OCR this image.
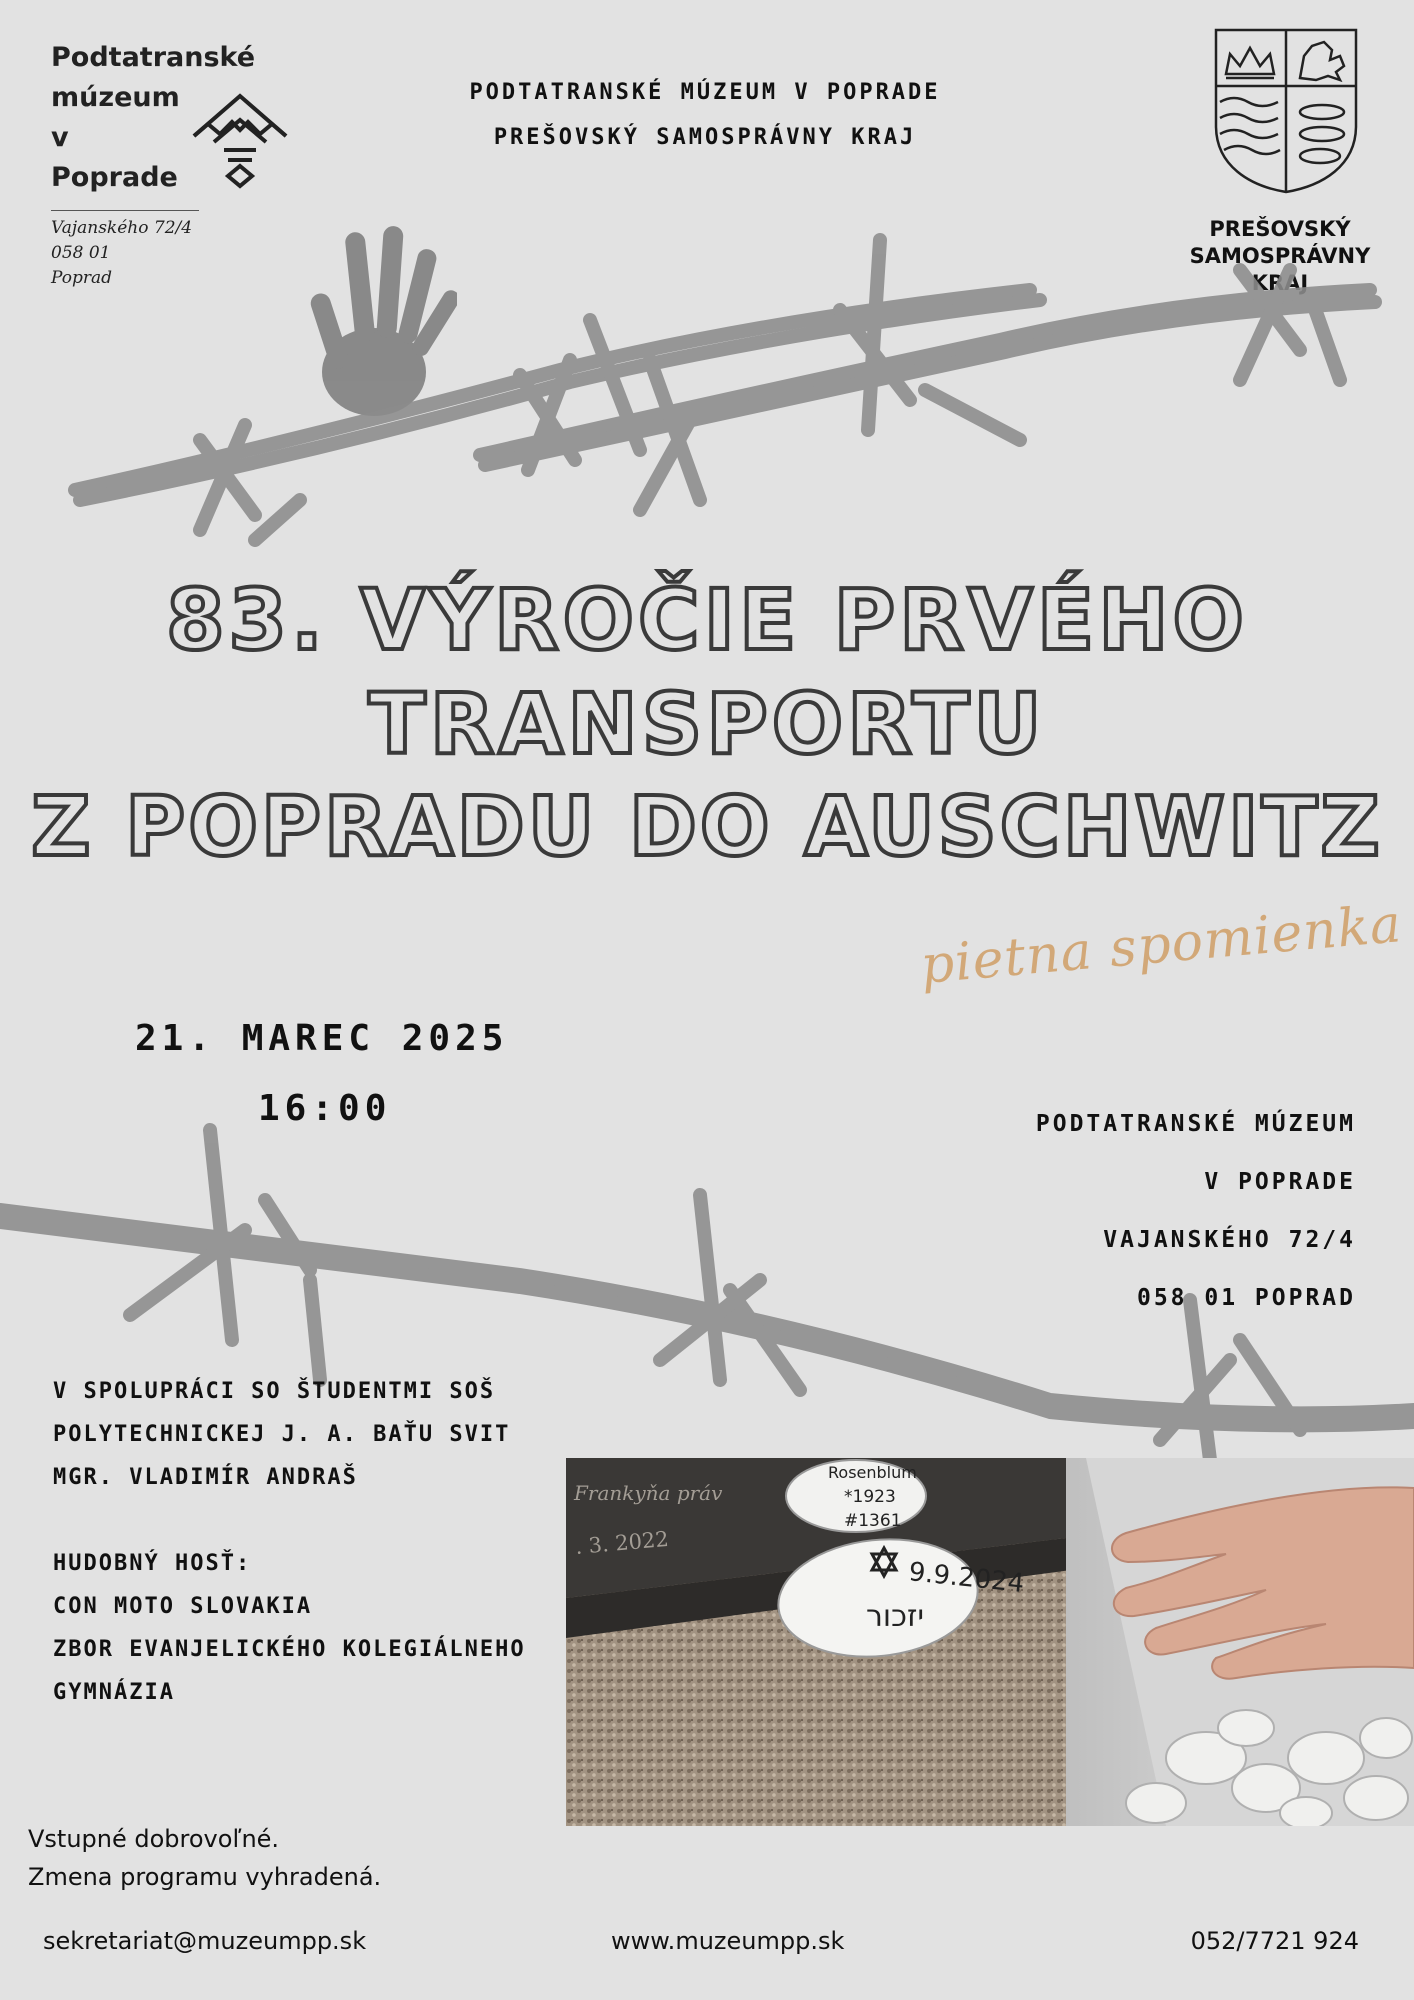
Podtatranské
múzeum
v
Poprade
Vajanského 72/4
058 01
Poprad
PODTATRANSKÉ MÚZEUM V POPRADE
PREŠOVSKÝ SAMOSPRÁVNY KRAJ
PREŠOVSKÝ
SAMOSPRÁVNY
KRAJ
83. VÝROČIE PRVÉHO
TRANSPORTU
Z POPRADU DO AUSCHWITZ
pietna spomienka
21. MAREC 2025
16:00	PODTATRANSKÉ MÚZEUM
V POPRADE
VAJANSKÉHO 72/4
058 01 POPRAD
V SPOLUPRÁCI SO ŠTUDENTMI SOŠ
POLYTECHNICKEJ J. A. BAŤU SVIT
MGR. VLADIMÍR ANDRAŠ
HUDOBNÝ HOSŤ:
CON MOTO SLOVAKIA
ZBOR EVANJELICKÉHO KOLEGIÁLNEHO
GYMNÁZIA
Frankyňa práv
. 3. 2022
Rosenblum
*1923
#1361
9.9.2024
יזכור
Vstupné dobrovoľné.
Zmena programu vyhradená.
sekretariat@muzeumpp.sk	www.muzeumpp.sk	052/7721 924
